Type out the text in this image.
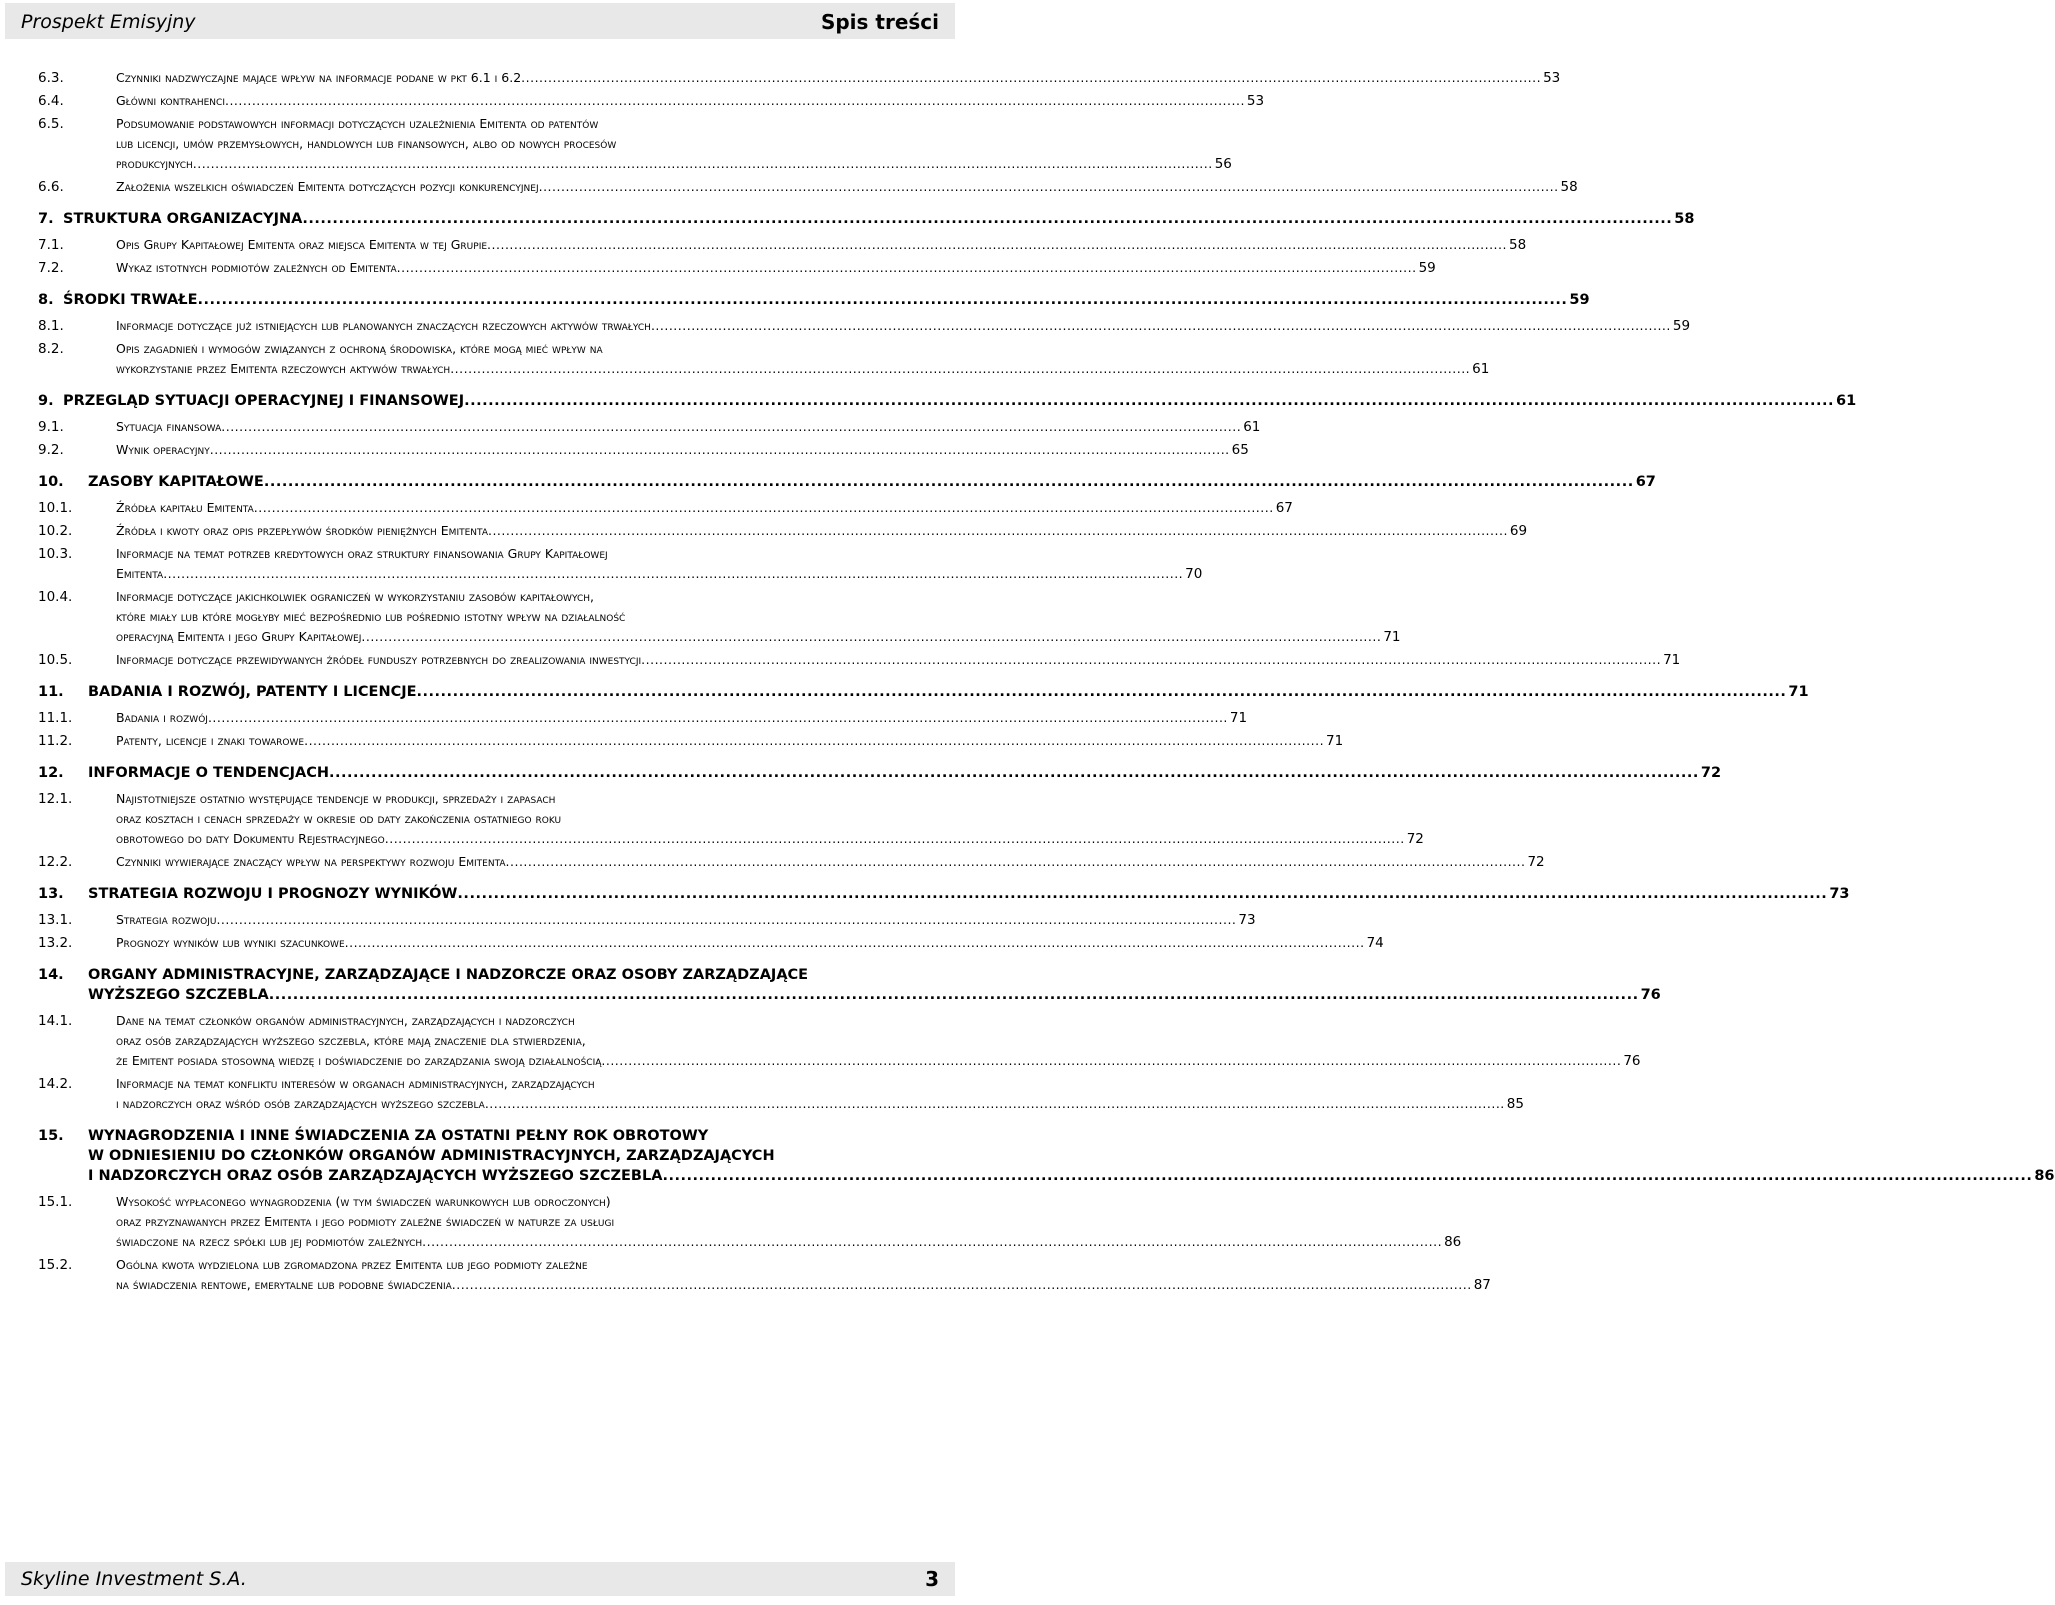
Prospekt Emisyjny	Spis treści
6.3.	Czynniki nadzwyczajne mające wpływ na informacje podane w pkt 6.1 i 6.2 .................................................................................................................................................................................................................................... 53
6.4.	Główni kontrahenci .................................................................................................................................................................................................................................... 53
6.5.	Podsumowanie podstawowych informacji dotyczących uzależnienia Emitenta od patentów
lub licencji, umów przemysłowych, handlowych lub finansowych, albo od nowych procesów
produkcyjnych .................................................................................................................................................................................................................................... 56
6.6.	Założenia wszelkich oświadczeń Emitenta dotyczących pozycji konkurencyjnej .................................................................................................................................................................................................................................... 58
7. STRUKTURA ORGANIZACYJNA .................................................................................................................................................................................................................................... 58
7.1.	Opis Grupy Kapitałowej Emitenta oraz miejsca Emitenta w tej Grupie .................................................................................................................................................................................................................................... 58
7.2.	Wykaz istotnych podmiotów zależnych od Emitenta .................................................................................................................................................................................................................................... 59
8. ŚRODKI TRWAŁE .................................................................................................................................................................................................................................... 59
8.1.	Informacje dotyczące już istniejących lub planowanych znaczących rzeczowych aktywów trwałych .................................................................................................................................................................................................................................... 59
8.2.	Opis zagadnień i wymogów związanych z ochroną środowiska, które mogą mieć wpływ na
wykorzystanie przez Emitenta rzeczowych aktywów trwałych .................................................................................................................................................................................................................................... 61
9. PRZEGLĄD SYTUACJI OPERACYJNEJ I FINANSOWEJ .................................................................................................................................................................................................................................... 61
9.1.	Sytuacja finansowa .................................................................................................................................................................................................................................... 61
9.2.	Wynik operacyjny .................................................................................................................................................................................................................................... 65
10. ZASOBY KAPITAŁOWE .................................................................................................................................................................................................................................... 67
10.1.	Źródła kapitału Emitenta .................................................................................................................................................................................................................................... 67
10.2.	Źródła i kwoty oraz opis przepływów środków pieniężnych Emitenta .................................................................................................................................................................................................................................... 69
10.3.	Informacje na temat potrzeb kredytowych oraz struktury finansowania Grupy Kapitałowej
Emitenta .................................................................................................................................................................................................................................... 70
10.4.	Informacje dotyczące jakichkolwiek ograniczeń w wykorzystaniu zasobów kapitałowych,
które miały lub które mogłyby mieć bezpośrednio lub pośrednio istotny wpływ na działalność
operacyjną Emitenta i jego Grupy Kapitałowej .................................................................................................................................................................................................................................... 71
10.5.	Informacje dotyczące przewidywanych źródeł funduszy potrzebnych do zrealizowania inwestycji .................................................................................................................................................................................................................................... 71
11. BADANIA I ROZWÓJ, PATENTY I LICENCJE .................................................................................................................................................................................................................................... 71
11.1.	Badania i rozwój .................................................................................................................................................................................................................................... 71
11.2.	Patenty, licencje i znaki towarowe .................................................................................................................................................................................................................................... 71
12. INFORMACJE O TENDENCJACH .................................................................................................................................................................................................................................... 72
12.1.	Najistotniejsze ostatnio występujące tendencje w produkcji, sprzedaży i zapasach
oraz kosztach i cenach sprzedaży w okresie od daty zakończenia ostatniego roku
obrotowego do daty Dokumentu Rejestracyjnego .................................................................................................................................................................................................................................... 72
12.2.	Czynniki wywierające znaczący wpływ na perspektywy rozwoju Emitenta .................................................................................................................................................................................................................................... 72
13. STRATEGIA ROZWOJU I PROGNOZY WYNIKÓW .................................................................................................................................................................................................................................... 73
13.1.	Strategia rozwoju .................................................................................................................................................................................................................................... 73
13.2.	Prognozy wyników lub wyniki szacunkowe .................................................................................................................................................................................................................................... 74
14. ORGANY ADMINISTRACYJNE, ZARZĄDZAJĄCE I NADZORCZE ORAZ OSOBY ZARZĄDZAJĄCE
WYŻSZEGO SZCZEBLA .................................................................................................................................................................................................................................... 76
14.1.	Dane na temat członków organów administracyjnych, zarządzających i nadzorczych
oraz osób zarządzających wyższego szczebla, które mają znaczenie dla stwierdzenia,
że Emitent posiada stosowną wiedzę i doświadczenie do zarządzania swoją działalnością .................................................................................................................................................................................................................................... 76
14.2.	Informacje na temat konfliktu interesów w organach administracyjnych, zarządzających
i nadzorczych oraz wśród osób zarządzających wyższego szczebla .................................................................................................................................................................................................................................... 85
15. WYNAGRODZENIA I INNE ŚWIADCZENIA ZA OSTATNI PEŁNY ROK OBROTOWY
W ODNIESIENIU DO CZŁONKÓW ORGANÓW ADMINISTRACYJNYCH, ZARZĄDZAJĄCYCH
I NADZORCZYCH ORAZ OSÓB ZARZĄDZAJĄCYCH WYŻSZEGO SZCZEBLA .................................................................................................................................................................................................................................... 86
15.1.	Wysokość wypłaconego wynagrodzenia (w tym świadczeń warunkowych lub odroczonych)
oraz przyznawanych przez Emitenta i jego podmioty zależne świadczeń w naturze za usługi
świadczone na rzecz spółki lub jej podmiotów zależnych .................................................................................................................................................................................................................................... 86
15.2.	Ogólna kwota wydzielona lub zgromadzona przez Emitenta lub jego podmioty zależne
na świadczenia rentowe, emerytalne lub podobne świadczenia .................................................................................................................................................................................................................................... 87
Skyline Investment S.A.	3
